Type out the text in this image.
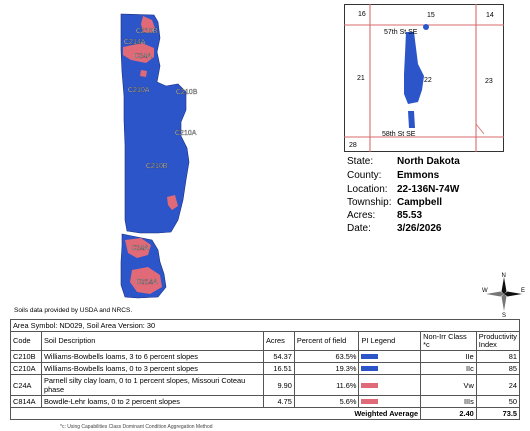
C210B
C214A
C24A
C210A	C210B
C210A
C210B
C24A
C814A
16	15	14
21	22	23
28
57th St SE
58th St SE
State:	North Dakota
County:	Emmons
Location: 22-136N-74W
Township: Campbell
Acres:	85.53
Date:	3/26/2026
N
S
E
W
Soils data provided by USDA and NRCS.
Area Symbol: ND029, Soil Area Version: 30						
Code	Soil Description	Acres	Percent of field	PI Legend	Non-Irr Class *c	Productivity Index
C210B	Williams-Bowbells loams, 3 to 6 percent slopes	54.37	63.5%		IIe	81
C210A	Williams-Bowbells loams, 0 to 3 percent slopes	16.51	19.3%		IIc	85
C24A	Parnell silty clay loam, 0 to 1 percent slopes, Missouri Coteau phase	9.90	11.6%		Vw	24
C814A	Bowdle-Lehr loams, 0 to 2 percent slopes	4.75	5.6%		IIIs	50
Weighted Average					2.40	73.5
*c: Using Capabilities Class Dominant Condition Aggregation Method
